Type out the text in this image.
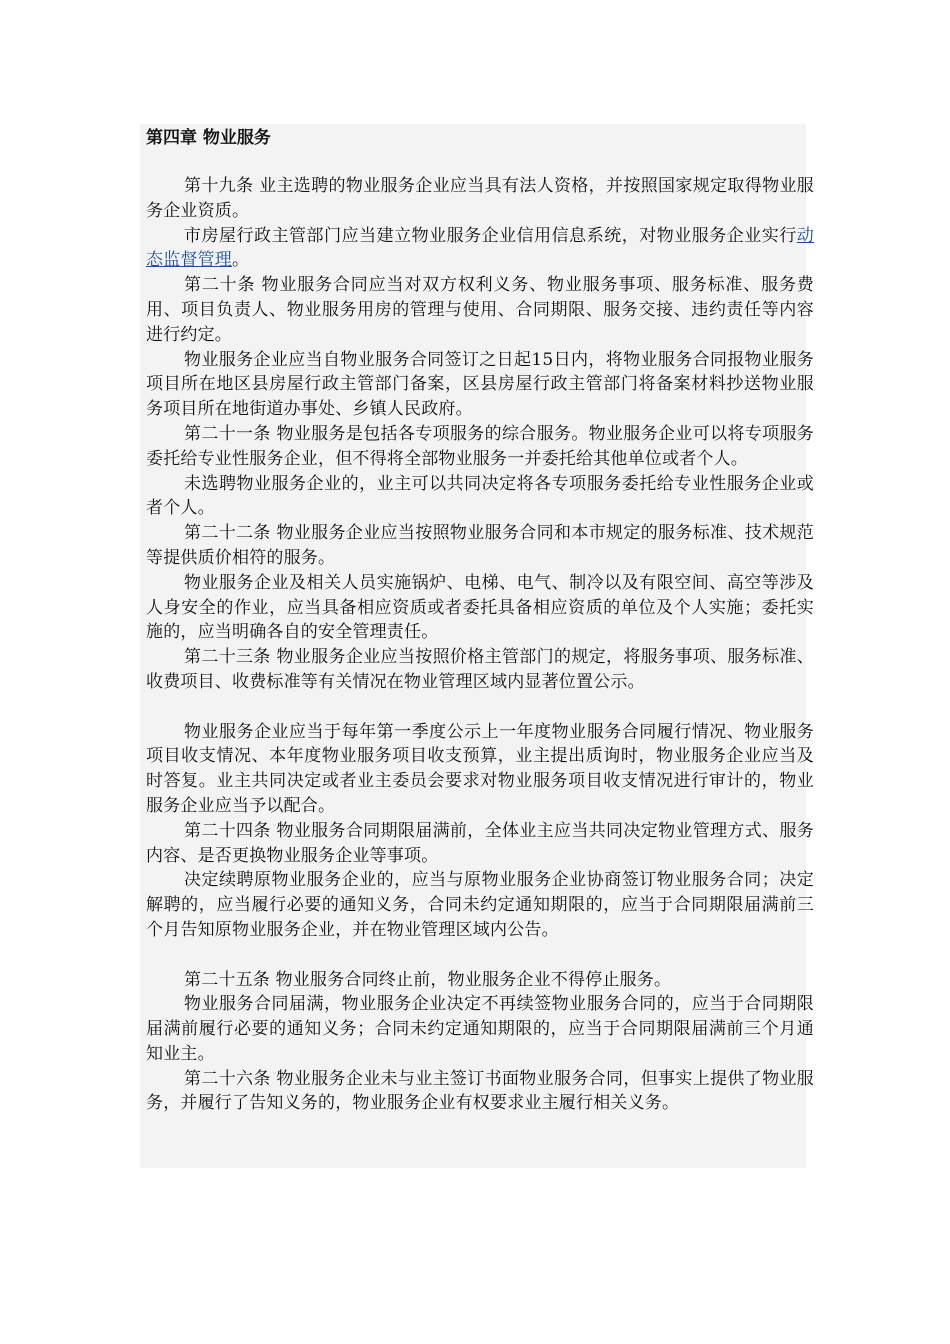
第四章 物业服务

第十九条 业主选聘的物业服务企业应当具有法人资格，并按照国家规定取得物业服务企业资质。

市房屋行政主管部门应当建立物业服务企业信用信息系统，对物业服务企业实行动态监督管理。

第二十条 物业服务合同应当对双方权利义务、物业服务事项、服务标准、服务费用、项目负责人、物业服务用房的管理与使用、合同期限、服务交接、违约责任等内容进行约定。

物业服务企业应当自物业服务合同签订之日起15日内，将物业服务合同报物业服务项目所在地区县房屋行政主管部门备案，区县房屋行政主管部门将备案材料抄送物业服务项目所在地街道办事处、乡镇人民政府。

第二十一条 物业服务是包括各专项服务的综合服务。物业服务企业可以将专项服务委托给专业性服务企业，但不得将全部物业服务一并委托给其他单位或者个人。

未选聘物业服务企业的，业主可以共同决定将各专项服务委托给专业性服务企业或者个人。

第二十二条 物业服务企业应当按照物业服务合同和本市规定的服务标准、技术规范等提供质价相符的服务。

物业服务企业及相关人员实施锅炉、电梯、电气、制冷以及有限空间、高空等涉及人身安全的作业，应当具备相应资质或者委托具备相应资质的单位及个人实施；委托实施的，应当明确各自的安全管理责任。

第二十三条 物业服务企业应当按照价格主管部门的规定，将服务事项、服务标准、收费项目、收费标准等有关情况在物业管理区域内显著位置公示。

物业服务企业应当于每年第一季度公示上一年度物业服务合同履行情况、物业服务项目收支情况、本年度物业服务项目收支预算，业主提出质询时，物业服务企业应当及时答复。业主共同决定或者业主委员会要求对物业服务项目收支情况进行审计的，物业服务企业应当予以配合。

第二十四条 物业服务合同期限届满前，全体业主应当共同决定物业管理方式、服务内容、是否更换物业服务企业等事项。

决定续聘原物业服务企业的，应当与原物业服务企业协商签订物业服务合同；决定解聘的，应当履行必要的通知义务，合同未约定通知期限的，应当于合同期限届满前三个月告知原物业服务企业，并在物业管理区域内公告。

第二十五条 物业服务合同终止前，物业服务企业不得停止服务。

物业服务合同届满，物业服务企业决定不再续签物业服务合同的，应当于合同期限届满前履行必要的通知义务；合同未约定通知期限的，应当于合同期限届满前三个月通知业主。

第二十六条 物业服务企业未与业主签订书面物业服务合同，但事实上提供了物业服务，并履行了告知义务的，物业服务企业有权要求业主履行相关义务。
